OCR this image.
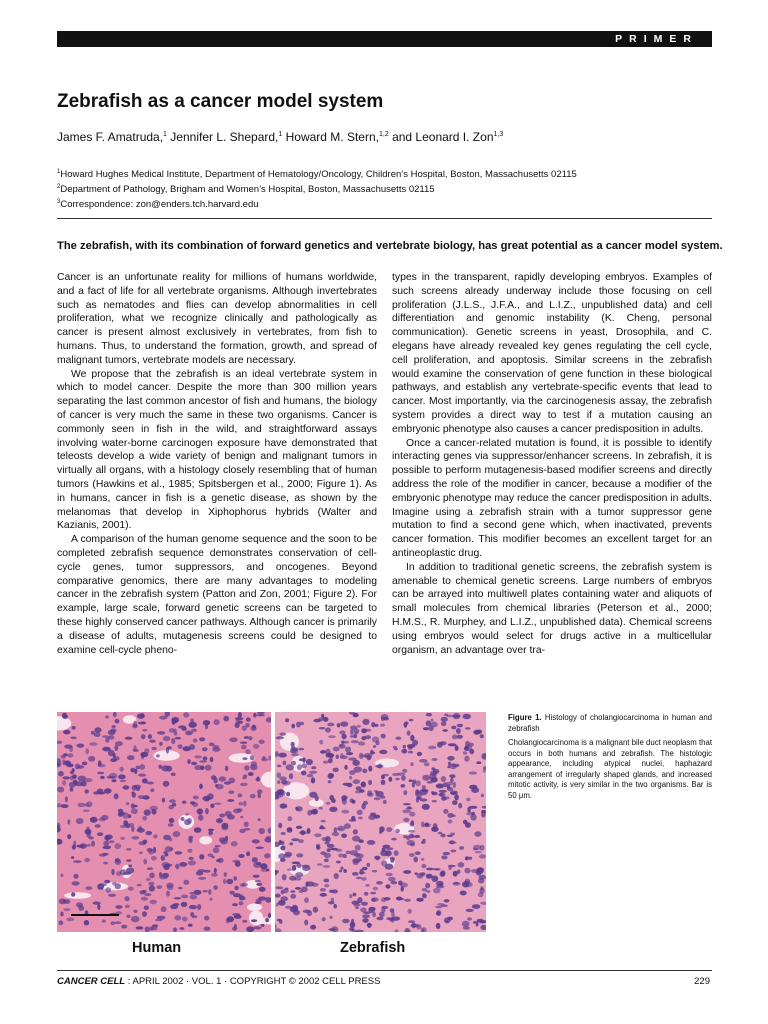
PRIMER
Zebrafish as a cancer model system
James F. Amatruda,$^1$ Jennifer L. Shepard,$^1$ Howard M. Stern,$^{1,2}$ and Leonard I. Zon$^{1,3}$
$^1$Howard Hughes Medical Institute, Department of Hematology/Oncology, Children’s Hospital, Boston, Massachusetts 02115
$^2$Department of Pathology, Brigham and Women’s Hospital, Boston, Massachusetts 02115
$^3$Correspondence: zon@enders.tch.harvard.edu
The zebrafish, with its combination of forward genetics and vertebrate biology, has great potential as a cancer model system.

Cancer is an unfortunate reality for millions of humans worldwide, and a fact of life for all vertebrate organisms. Although invertebrates such as nematodes and flies can develop abnormalities in cell proliferation, what we recognize clinically and pathologically as cancer is present almost exclusively in vertebrates, from fish to humans. Thus, to understand the formation, growth, and spread of malignant tumors, vertebrate models are necessary.

We propose that the zebrafish is an ideal vertebrate system in which to model cancer. Despite the more than 300 million years separating the last common ancestor of fish and humans, the biology of cancer is very much the same in these two organisms. Cancer is commonly seen in fish in the wild, and straightforward assays involving water-borne carcinogen exposure have demonstrated that teleosts develop a wide variety of benign and malignant tumors in virtually all organs, with a histology closely resembling that of human tumors (Hawkins et al., 1985; Spitsbergen et al., 2000; Figure 1). As in humans, cancer in fish is a genetic disease, as shown by the melanomas that develop in Xiphophorus hybrids (Walter and Kazianis, 2001).

A comparison of the human genome sequence and the soon to be completed zebrafish sequence demonstrates conservation of cell-cycle genes, tumor suppressors, and oncogenes. Beyond comparative genomics, there are many advantages to modeling cancer in the zebrafish system (Patton and Zon, 2001; Figure 2). For example, large scale, forward genetic screens can be targeted to these highly conserved cancer pathways. Although cancer is primarily a disease of adults, mutagenesis screens could be designed to examine cell-cycle pheno-

types in the transparent, rapidly developing embryos. Examples of such screens already underway include those focusing on cell proliferation (J.L.S., J.F.A., and L.I.Z., unpublished data) and cell differentiation and genomic instability (K. Cheng, personal communication). Genetic screens in yeast, Drosophila, and C. elegans have already revealed key genes regulating the cell cycle, cell proliferation, and apoptosis. Similar screens in the zebrafish would examine the conservation of gene function in these biological pathways, and establish any vertebrate-specific events that lead to cancer. Most importantly, via the carcinogenesis assay, the zebrafish system provides a direct way to test if a mutation causing an embryonic phenotype also causes a cancer predisposition in adults.

Once a cancer-related mutation is found, it is possible to identify interacting genes via suppressor/enhancer screens. In zebrafish, it is possible to perform mutagenesis-based modifier screens and directly address the role of the modifier in cancer, because a modifier of the embryonic phenotype may reduce the cancer predisposition in adults. Imagine using a zebrafish strain with a tumor suppressor gene mutation to find a second gene which, when inactivated, prevents cancer formation. This modifier becomes an excellent target for an antineoplastic drug.

In addition to traditional genetic screens, the zebrafish system is amenable to chemical genetic screens. Large numbers of embryos can be arrayed into multiwell plates containing water and aliquots of small molecules from chemical libraries (Peterson et al., 2000; H.M.S., R. Murphey, and L.I.Z., unpublished data). Chemical screens using embryos would select for drugs active in a multicellular organism, an advantage over tra-

Human	Zebrafish

Figure 1. Histology of cholangiocarcinoma in human and zebrafish

Cholangiocarcinoma is a malignant bile duct neoplasm that occurs in both humans and zebrafish. The histologic appearance, including atypical nuclei, haphazard arrangement of irregularly shaped glands, and increased mitotic activity, is very similar in the two organisms. Bar is 50 μm.

CANCER CELL : APRIL 2002 · VOL. 1 · COPYRIGHT © 2002 CELL PRESS	229
